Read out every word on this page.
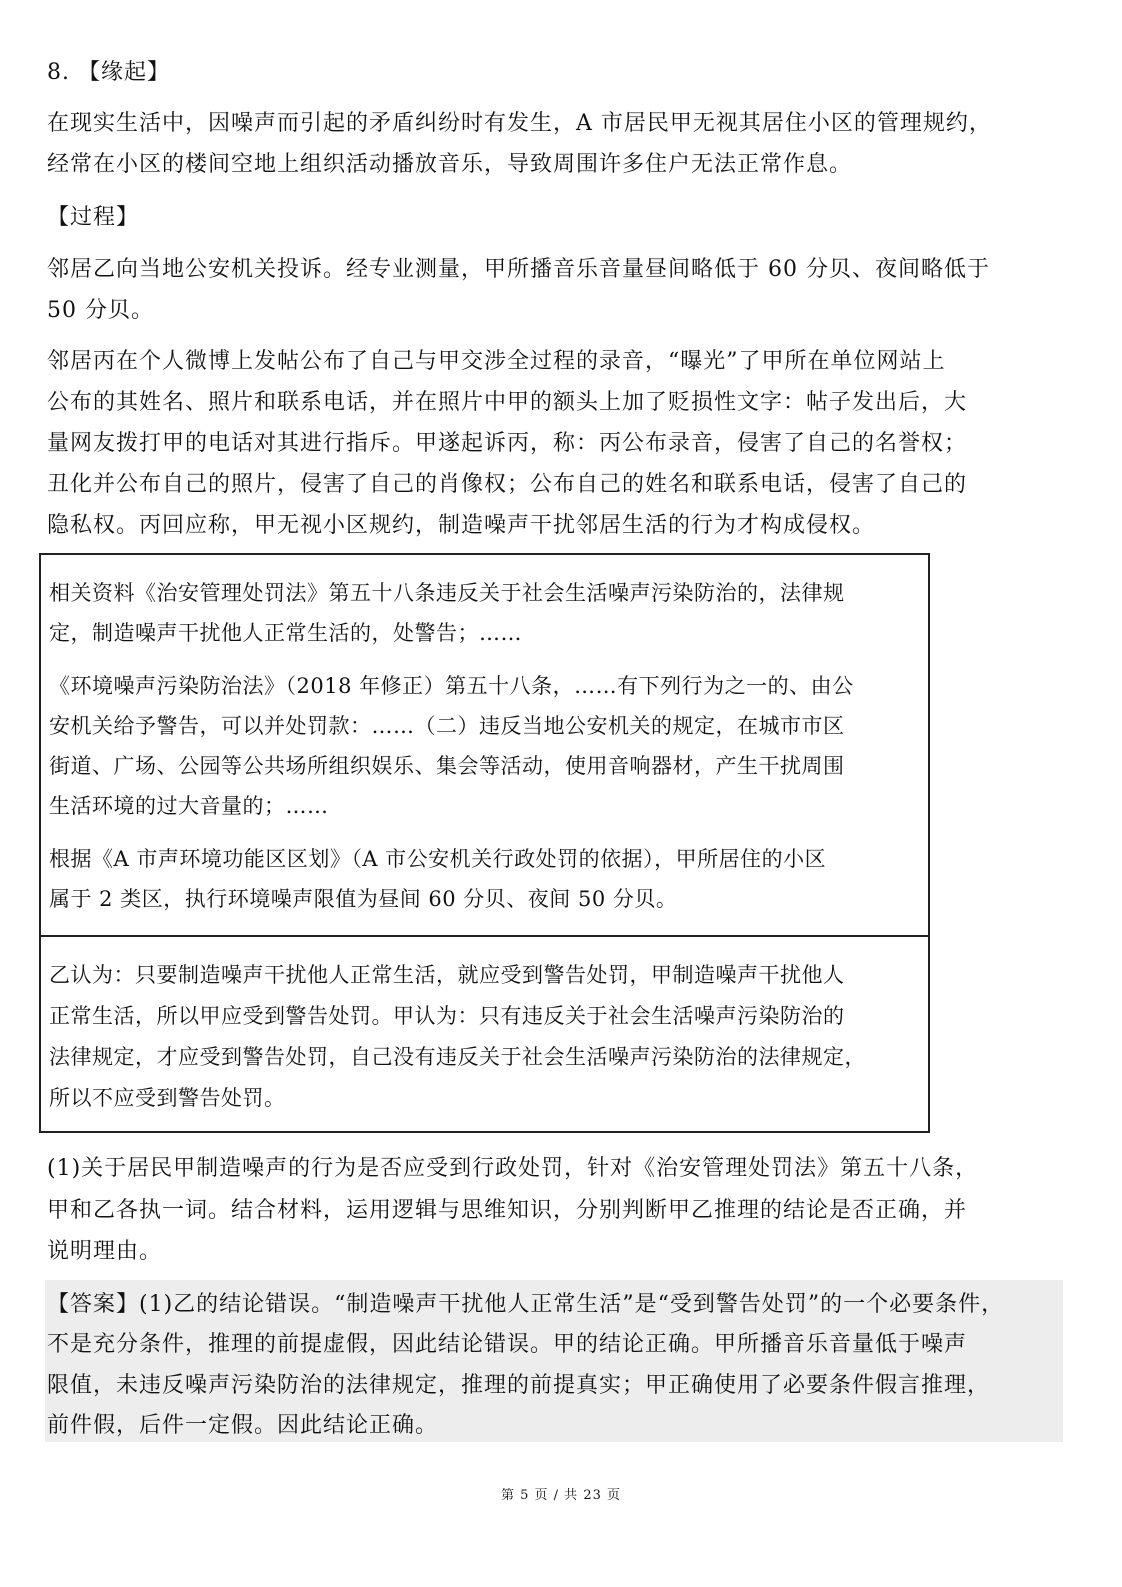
8. 【缘起】
在现实生活中，因噪声而引起的矛盾纠纷时有发生，A 市居民甲无视其居住小区的管理规约，
经常在小区的楼间空地上组织活动播放音乐，导致周围许多住户无法正常作息。
【过程】
邻居乙向当地公安机关投诉。经专业测量，甲所播音乐音量昼间略低于 60 分贝、夜间略低于
50 分贝。
邻居丙在个人微博上发帖公布了自己与甲交涉全过程的录音，“曝光”了甲所在单位网站上
公布的其姓名、照片和联系电话，并在照片中甲的额头上加了贬损性文字：帖子发出后，大
量网友拨打甲的电话对其进行指斥。甲遂起诉丙，称：丙公布录音，侵害了自己的名誉权；
丑化并公布自己的照片，侵害了自己的肖像权；公布自己的姓名和联系电话，侵害了自己的
隐私权。丙回应称，甲无视小区规约，制造噪声干扰邻居生活的行为才构成侵权。
相关资料《治安管理处罚法》第五十八条违反关于社会生活噪声污染防治的，法律规
定，制造噪声干扰他人正常生活的，处警告；……
《环境噪声污染防治法》（2018 年修正）第五十八条，……有下列行为之一的、由公
安机关给予警告，可以并处罚款：……（二）违反当地公安机关的规定，在城市市区
街道、广场、公园等公共场所组织娱乐、集会等活动，使用音响器材，产生干扰周围
生活环境的过大音量的；……
根据《A 市声环境功能区区划》（A 市公安机关行政处罚的依据），甲所居住的小区
属于 2 类区，执行环境噪声限值为昼间 60 分贝、夜间 50 分贝。
乙认为：只要制造噪声干扰他人正常生活，就应受到警告处罚，甲制造噪声干扰他人
正常生活，所以甲应受到警告处罚。甲认为：只有违反关于社会生活噪声污染防治的
法律规定，才应受到警告处罚，自己没有违反关于社会生活噪声污染防治的法律规定，
所以不应受到警告处罚。
(1)关于居民甲制造噪声的行为是否应受到行政处罚，针对《治安管理处罚法》第五十八条，
甲和乙各执一词。结合材料，运用逻辑与思维知识，分别判断甲乙推理的结论是否正确，并
说明理由。
【答案】(1)乙的结论错误。“制造噪声干扰他人正常生活”是“受到警告处罚”的一个必要条件，
不是充分条件，推理的前提虚假，因此结论错误。甲的结论正确。甲所播音乐音量低于噪声
限值，未违反噪声污染防治的法律规定，推理的前提真实；甲正确使用了必要条件假言推理，
前件假，后件一定假。因此结论正确。
第 5 页 / 共 23 页
